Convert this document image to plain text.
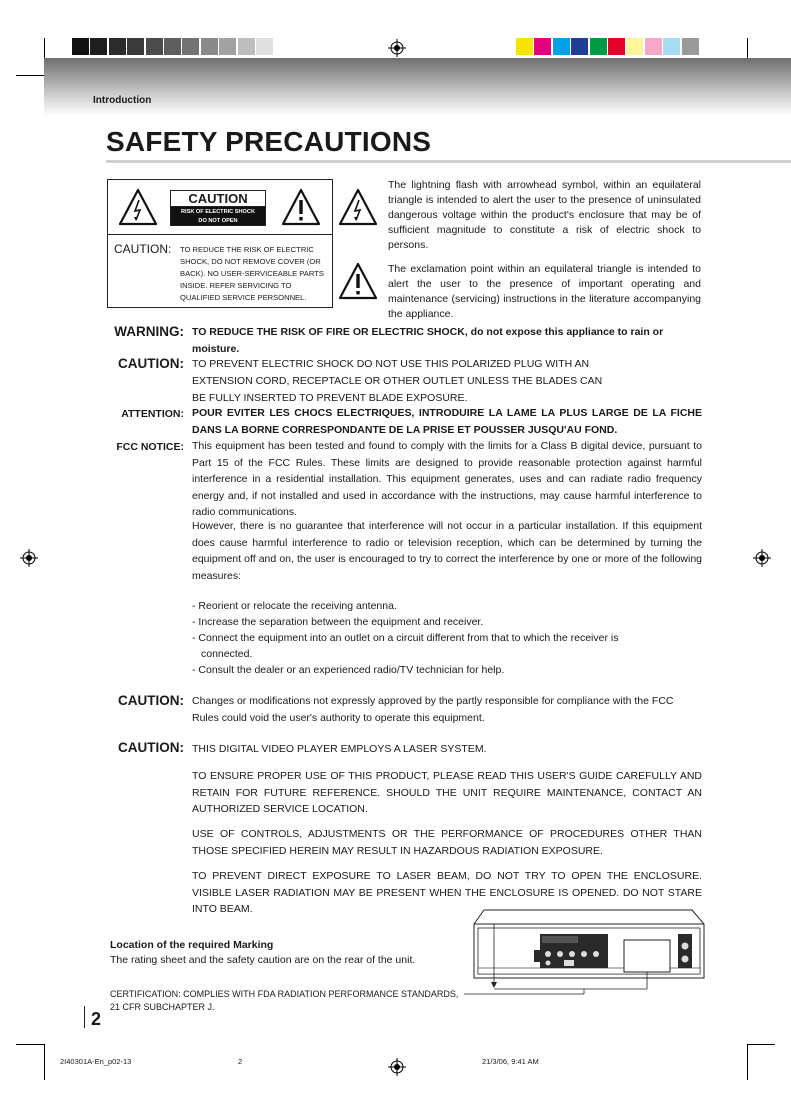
Introduction
SAFETY PRECAUTIONS
CAUTION
RISK OF ELECTRIC SHOCK
DO NOT OPEN
CAUTION: TO REDUCE THE RISK OF ELECTRIC SHOCK, DO NOT REMOVE COVER (OR BACK). NO USER-SERVICEABLE PARTS INSIDE. REFER SERVICING TO QUALIFIED SERVICE PERSONNEL.
The lightning flash with arrowhead symbol, within an equilateral triangle is intended to alert the user to the presence of uninsulated dangerous voltage within the product's enclosure that may be of sufficient magnitude to constitute a risk of electric shock to persons.
The exclamation point within an equilateral triangle is intended to alert the user to the presence of important operating and maintenance (servicing) instructions in the literature accompanying the appliance.
WARNING: TO REDUCE THE RISK OF FIRE OR ELECTRIC SHOCK, do not expose this appliance to rain or moisture.
CAUTION: TO PREVENT ELECTRIC SHOCK DO NOT USE THIS POLARIZED PLUG WITH AN
EXTENSION CORD, RECEPTACLE OR OTHER OUTLET UNLESS THE BLADES CAN
BE FULLY INSERTED TO PREVENT BLADE EXPOSURE.
ATTENTION: POUR EVITER LES CHOCS ELECTRIQUES, INTRODUIRE LA LAME LA PLUS LARGE DE LA FICHE DANS LA BORNE CORRESPONDANTE DE LA PRISE ET POUSSER JUSQU'AU FOND.
FCC NOTICE: This equipment has been tested and found to comply with the limits for a Class B digital device, pursuant to Part 15 of the FCC Rules. These limits are designed to provide reasonable protection against harmful interference in a residential installation. This equipment generates, uses and can radiate radio frequency energy and, if not installed and used in accordance with the instructions, may cause harmful interference to radio communications.
However, there is no guarantee that interference will not occur in a particular installation. If this equipment does cause harmful interference to radio or television reception, which can be determined by turning the equipment off and on, the user is encouraged to try to correct the interference by one or more of the following measures:
- Reorient or relocate the receiving antenna.
- Increase the separation between the equipment and receiver.
- Connect the equipment into an outlet on a circuit different from that to which the receiver is
connected.
- Consult the dealer or an experienced radio/TV technician for help.
CAUTION: Changes or modifications not expressly approved by the partly responsible for compliance with the FCC Rules could void the user's authority to operate this equipment.
CAUTION: THIS DIGITAL VIDEO PLAYER EMPLOYS A LASER SYSTEM.
TO ENSURE PROPER USE OF THIS PRODUCT, PLEASE READ THIS USER'S GUIDE CAREFULLY AND RETAIN FOR FUTURE REFERENCE. SHOULD THE UNIT REQUIRE MAINTENANCE, CONTACT AN AUTHORIZED SERVICE LOCATION.
USE OF CONTROLS, ADJUSTMENTS OR THE PERFORMANCE OF PROCEDURES OTHER THAN THOSE SPECIFIED HEREIN MAY RESULT IN HAZARDOUS RADIATION EXPOSURE.
TO PREVENT DIRECT EXPOSURE TO LASER BEAM, DO NOT TRY TO OPEN THE ENCLOSURE. VISIBLE LASER RADIATION MAY BE PRESENT WHEN THE ENCLOSURE IS OPENED. DO NOT STARE INTO BEAM.
Location of the required Marking
The rating sheet and the safety caution are on the rear of the unit.
CERTIFICATION: COMPLIES WITH FDA RADIATION PERFORMANCE STANDARDS, 21 CFR SUBCHAPTER J.
2
2I40301A-En_p02-13	2	21/3/06, 9:41 AM
